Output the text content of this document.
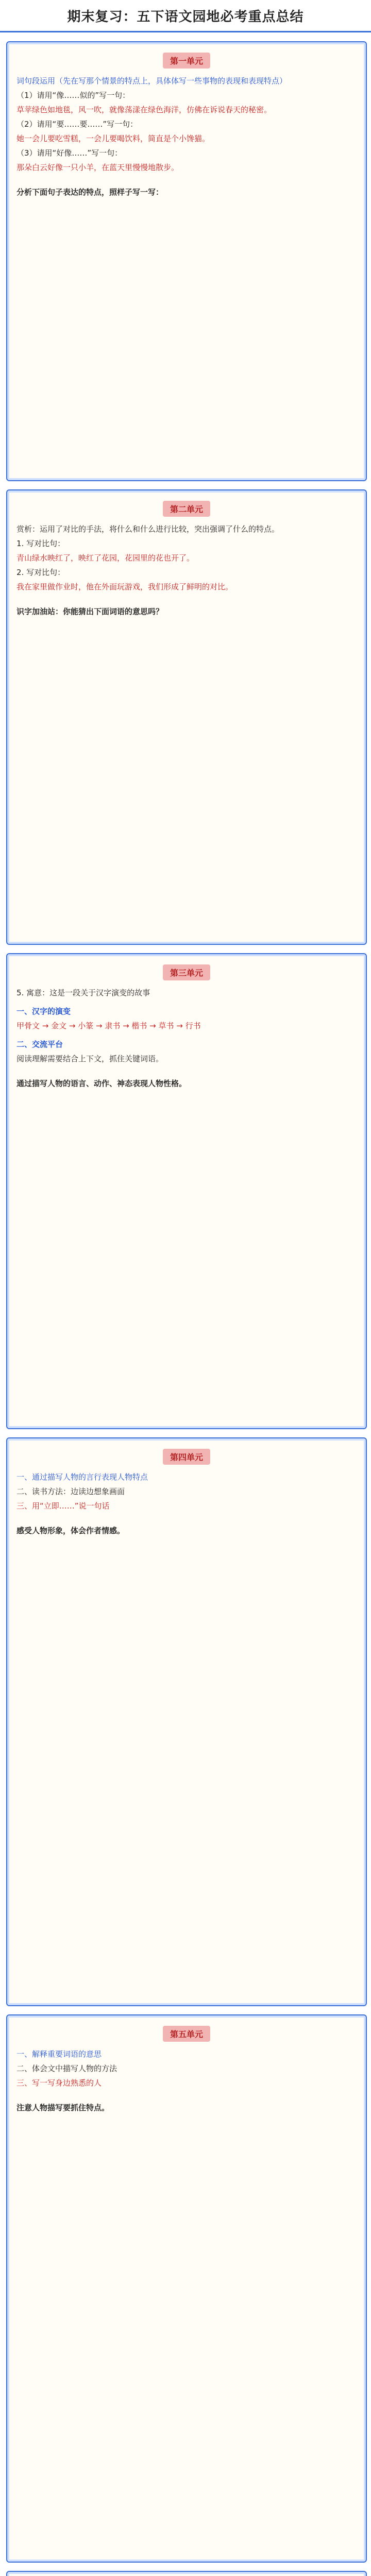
期末复习：五下语文园地必考重点总结
第一单元
词句段运用（先在写那个情景的特点上，具体体写一些事物的表现和表现特点）
（1）请用“像……似的”写一句：
草苹绿色如地毯，风一吹，就像荡漾在绿色海洋，仿佛在诉说春天的秘密。
（2）请用“要……要……”写一句：
她一会儿要吃雪糕，一会儿要喝饮料，简直是个小馋猫。
（3）请用“好像……”写一句：
那朵白云好像一只小羊，在蓝天里慢慢地散步。
分析下面句子表达的特点，照样子写一写：
第二单元
赏析：运用了对比的手法，将什么和什么进行比较，突出强调了什么的特点。
1. 写对比句：
青山绿水映红了，映红了花园，花园里的花也开了。
2. 写对比句：
我在家里做作业时，他在外面玩游戏，我们形成了鲜明的对比。
识字加油站：你能猜出下面词语的意思吗？
第三单元
5. 寓意：这是一段关于汉字演变的故事
一、汉字的演变
甲骨文 → 金文 → 小篆 → 隶书 → 楷书 → 草书 → 行书
二、交流平台
阅读理解需要结合上下文，抓住关键词语。
通过描写人物的语言、动作、神态表现人物性格。
第四单元
一、通过描写人物的言行表现人物特点
二、读书方法：边读边想象画面
三、用“立即……”说一句话
感受人物形象，体会作者情感。
第五单元
一、解释重要词语的意思
二、体会文中描写人物的方法
三、写一写身边熟悉的人
注意人物描写要抓住特点。
